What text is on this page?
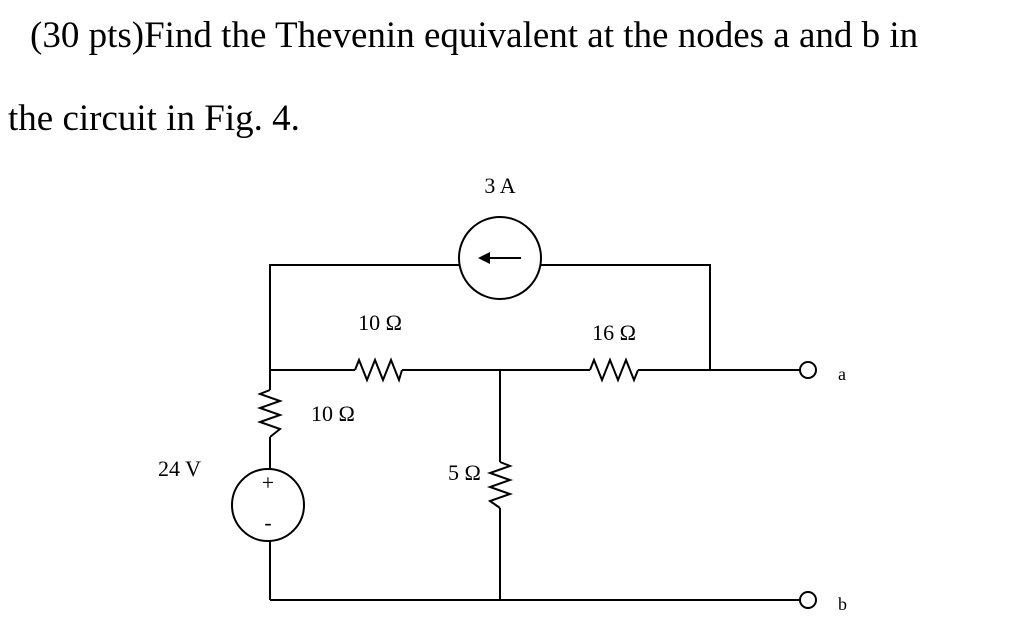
(30 pts)Find the Thevenin equivalent at the nodes a and b in
the circuit in Fig. 4.
3 A
10 Ω	16 Ω
a
10 Ω
+
-
24 V	5 Ω
b
